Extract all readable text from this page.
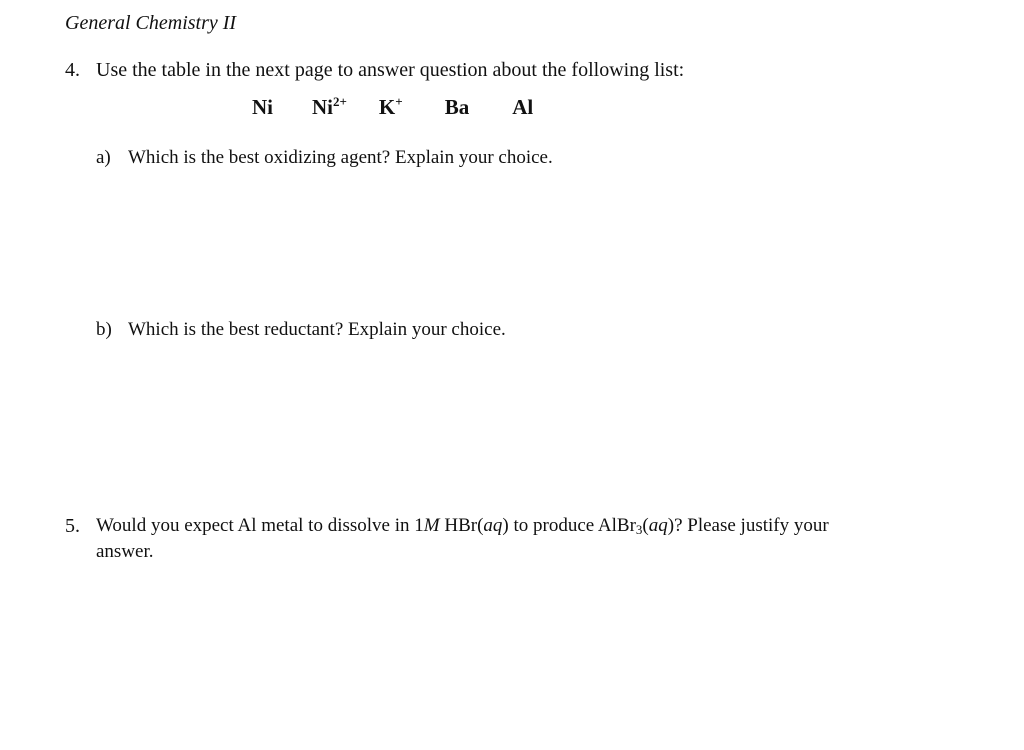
General Chemistry II
4. Use the table in the next page to answer question about the following list:
Ni $Ni^{2+}$ K+ Ba Al
a) Which is the best oxidizing agent? Explain your choice.
b) Which is the best reductant? Explain your choice.
5. Would you expect Al metal to dissolve in 1M HBr(aq) to produce AlBr3(aq)? Please justify your
answer.
